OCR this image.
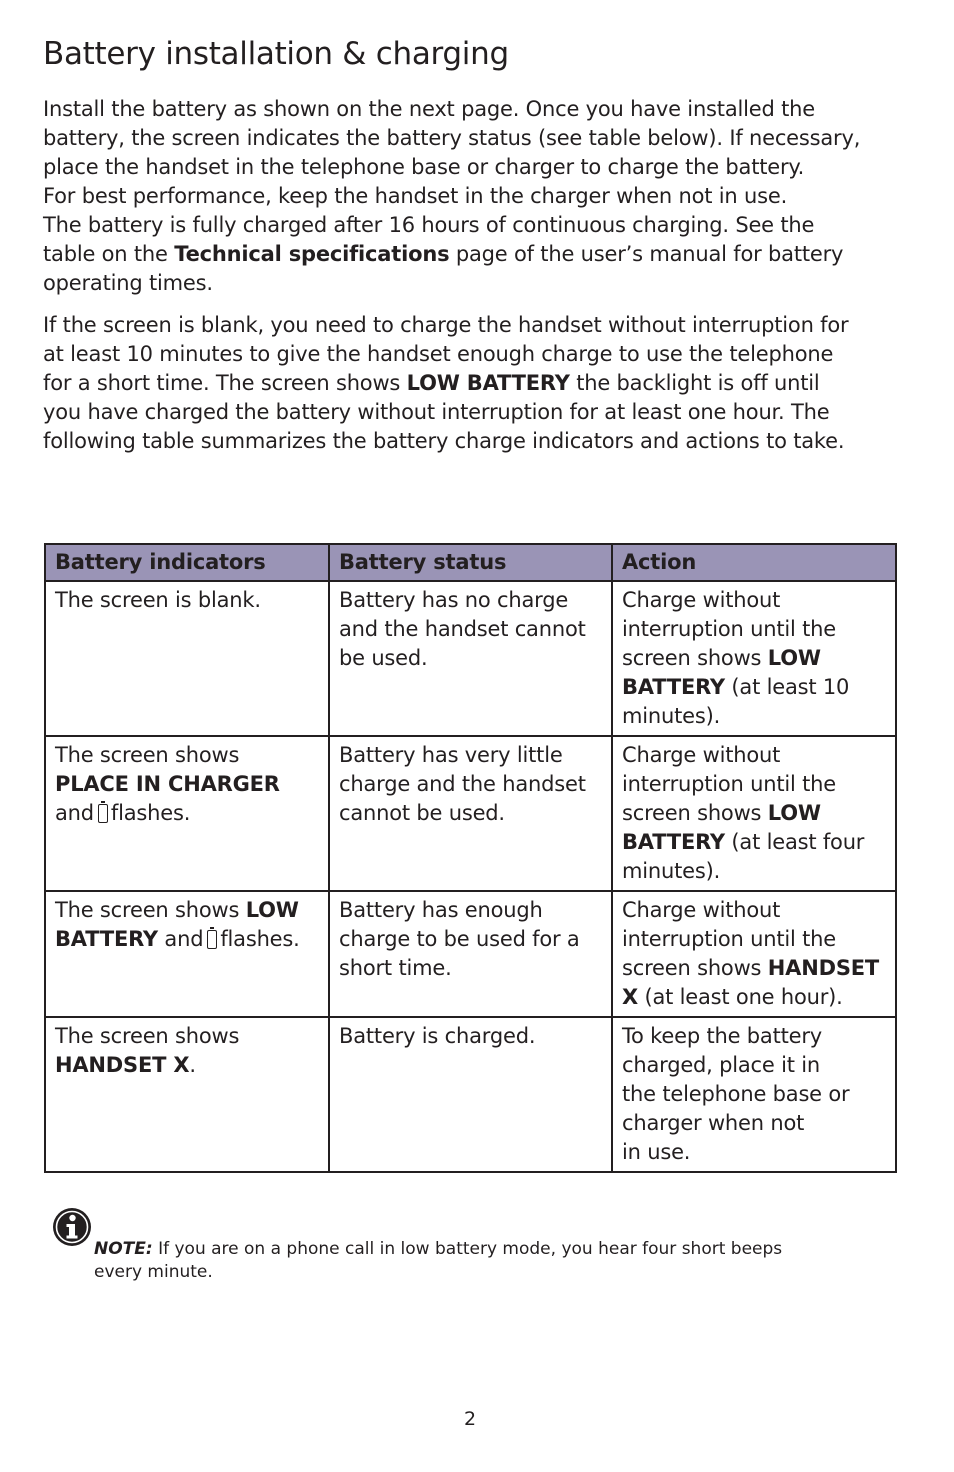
Battery installation & charging

Install the battery as shown on the next page. Once you have installed the
battery, the screen indicates the battery status (see table below). If necessary,
place the handset in the telephone base or charger to charge the battery.
For best performance, keep the handset in the charger when not in use.
The battery is fully charged after 16 hours of continuous charging. See the
table on the Technical specifications page of the user’s manual for battery
operating times.

If the screen is blank, you need to charge the handset without interruption for
at least 10 minutes to give the handset enough charge to use the telephone
for a short time. The screen shows LOW BATTERY the backlight is off until
you have charged the battery without interruption for at least one hour. The
following table summarizes the battery charge indicators and actions to take.

Battery indicators	Battery status	Action

The screen is blank.	Battery has no charge
and the handset cannot
be used.	Charge without
interruption until the
screen shows LOW
BATTERY (at least 10
minutes).

The screen shows
PLACE IN CHARGER
and flashes.	Battery has very little
charge and the handset
cannot be used.	Charge without
interruption until the
screen shows LOW
BATTERY (at least four
minutes).

The screen shows LOW
BATTERY and flashes.	Battery has enough
charge to be used for a
short time.	Charge without
interruption until the
screen shows HANDSET
X (at least one hour).

The screen shows
HANDSET X.	Battery is charged.	To keep the battery
charged, place it in
the telephone base or
charger when not
in use.

NOTE: If you are on a phone call in low battery mode, you hear four short beeps
every minute.

2
